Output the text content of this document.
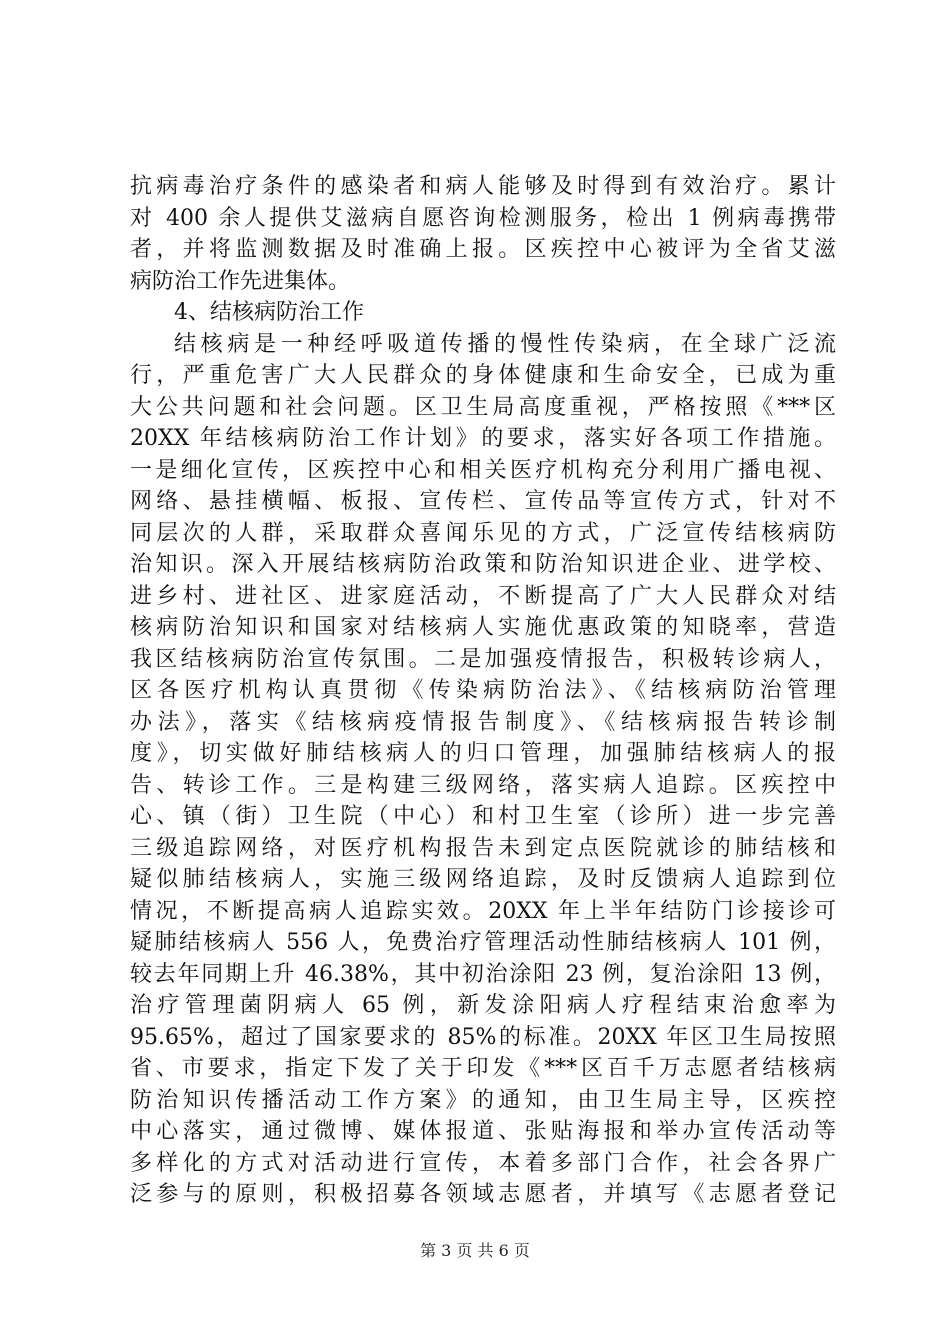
抗病毒治疗条件的感染者和病人能够及时得到有效治疗。累计
对 400 余人提供艾滋病自愿咨询检测服务，检出 1 例病毒携带
者，并将监测数据及时准确上报。区疾控中心被评为全省艾滋
病防治工作先进集体。
4、结核病防治工作
结核病是一种经呼吸道传播的慢性传染病，在全球广泛流
行，严重危害广大人民群众的身体健康和生命安全，已成为重
大公共问题和社会问题。区卫生局高度重视，严格按照《***区
20XX 年结核病防治工作计划》的要求，落实好各项工作措施。
一是细化宣传，区疾控中心和相关医疗机构充分利用广播电视、
网络、悬挂横幅、板报、宣传栏、宣传品等宣传方式，针对不
同层次的人群，采取群众喜闻乐见的方式，广泛宣传结核病防
治知识。深入开展结核病防治政策和防治知识进企业、进学校、
进乡村、进社区、进家庭活动，不断提高了广大人民群众对结
核病防治知识和国家对结核病人实施优惠政策的知晓率，营造
我区结核病防治宣传氛围。二是加强疫情报告，积极转诊病人，
区各医疗机构认真贯彻《传染病防治法》、《结核病防治管理
办法》，落实《结核病疫情报告制度》、《结核病报告转诊制
度》，切实做好肺结核病人的归口管理，加强肺结核病人的报
告、转诊工作。三是构建三级网络，落实病人追踪。区疾控中
心、镇（街）卫生院（中心）和村卫生室（诊所）进一步完善
三级追踪网络，对医疗机构报告未到定点医院就诊的肺结核和
疑似肺结核病人，实施三级网络追踪，及时反馈病人追踪到位
情况，不断提高病人追踪实效。20XX 年上半年结防门诊接诊可
疑肺结核病人 556 人，免费治疗管理活动性肺结核病人 101 例，
较去年同期上升 46.38%，其中初治涂阳 23 例，复治涂阳 13 例，
治疗管理菌阴病人 65 例，新发涂阳病人疗程结束治愈率为
95.65%，超过了国家要求的 85%的标准。20XX 年区卫生局按照
省、市要求，指定下发了关于印发《***区百千万志愿者结核病
防治知识传播活动工作方案》的通知，由卫生局主导，区疾控
中心落实，通过微博、媒体报道、张贴海报和举办宣传活动等
多样化的方式对活动进行宣传，本着多部门合作，社会各界广
泛参与的原则，积极招募各领域志愿者，并填写《志愿者登记
第 3 页 共 6 页
